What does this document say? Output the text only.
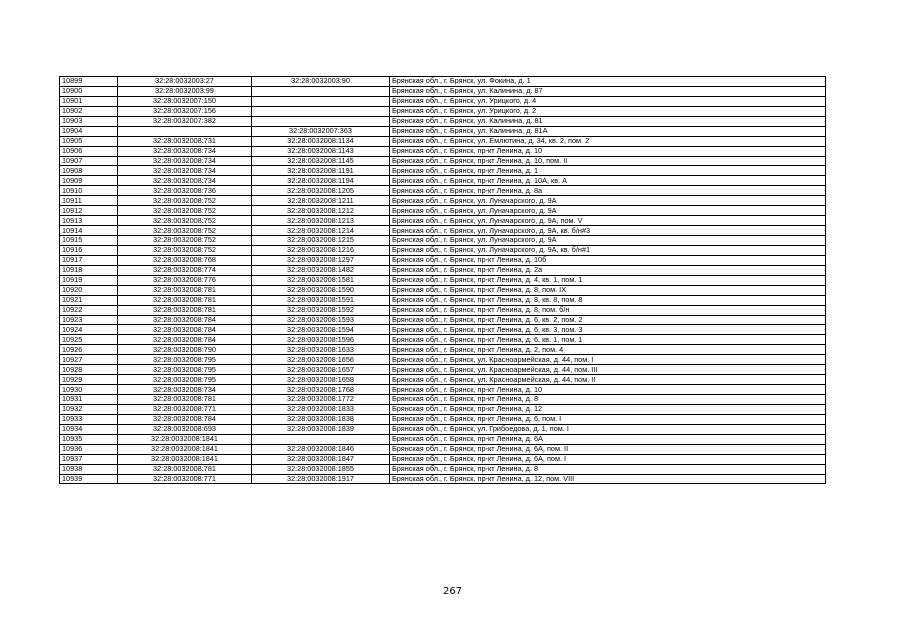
10899	32:28:0032003:27	32:28:0032003:90	Брянская обл., г. Брянск, ул. Фокина, д. 1
10900	32:28:0032003:99		Брянская обл., г. Брянск, ул. Калинина, д. 87
10901	32:28:0032007:150		Брянская обл., г. Брянск, ул. Урицкого, д. 4
10902	32:28:0032007:156		Брянская обл., г. Брянск, ул. Урицкого, д. 2
10903	32:28:0032007:382		Брянская обл., г. Брянск, ул. Калинина, д. 81
10904		32:28:0032007:363	Брянская обл., г. Брянск, ул. Калинина, д. 81А
10905	32:28:0032008:731	32:28:0032008:1134	Брянская обл., г. Брянск, ул. Емлютина, д. 34, кв. 2, пом. 2
10906	32:28:0032008:734	32:28:0032008:1143	Брянская обл., г. Брянск, пр-кт Ленина, д. 10
10907	32:28:0032008:734	32:28:0032008:1145	Брянская обл., г. Брянск, пр-кт Ленина, д. 10, пом. II
10908	32:28:0032008:734	32:28:0032008:1191	Брянская обл., г. Брянск, пр-кт Ленина, д. 1
10909	32:28:0032008:734	32:28:0032008:1194	Брянская обл., г. Брянск, пр-кт Ленина, д. 10А, кв. А
10910	32:28:0032008:736	32:28:0032008:1205	Брянская обл., г. Брянск, пр-кт Ленина, д. 8а
10911	32:28:0032008:752	32:28:0032008:1211	Брянская обл., г. Брянск, ул. Луначарского, д. 9А
10912	32:28:0032008:752	32:28:0032008:1212	Брянская обл., г. Брянск, ул. Луначарского, д. 9А
10913	32:28:0032008:752	32:28:0032008:1213	Брянская обл., г. Брянск, ул. Луначарского, д. 9А, пом. V
10914	32:28:0032008:752	32:28:0032008:1214	Брянская обл., г. Брянск, ул. Луначарского, д. 9А, кв. б/н#3
10915	32:28:0032008:752	32:28:0032008:1215	Брянская обл., г. Брянск, ул. Луначарского, д. 9А
10916	32:28:0032008:752	32:28:0032008:1216	Брянская обл., г. Брянск, ул. Луначарского, д. 9А, кв. б/н#1
10917	32:28:0032008:768	32:28:0032008:1297	Брянская обл., г. Брянск, пр-кт Ленина, д. 10б
10918	32:28:0032008:774	32:28:0032008:1482	Брянская обл., г. Брянск, пр-кт Ленина, д. 2а
10919	32:28:0032008:776	32:28:0032008:1581	Брянская обл., г. Брянск, пр-кт Ленина, д. 4, кв. 1, пом. 1
10920	32:28:0032008:781	32:28:0032008:1590	Брянская обл., г. Брянск, пр-кт Ленина, д. 8, пом. IX
10921	32:28:0032008:781	32:28:0032008:1591	Брянская обл., г. Брянск, пр-кт Ленина, д. 8, кв. 8, пом. 8
10922	32:28:0032008:781	32:28:0032008:1592	Брянская обл., г. Брянск, пр-кт Ленина, д. 8, пом. б/н
10923	32:28:0032008:784	32:28:0032008:1593	Брянская обл., г. Брянск, пр-кт Ленина, д. 6, кв. 2, пом. 2
10924	32:28:0032008:784	32:28:0032008:1594	Брянская обл., г. Брянск, пр-кт Ленина, д. 6, кв. 3, пом. 3
10925	32:28:0032008:784	32:28:0032008:1596	Брянская обл., г. Брянск, пр-кт Ленина, д. 6, кв. 1, пом. 1
10926	32:28:0032008:790	32:28:0032008:1633	Брянская обл., г. Брянск, пр-кт Ленина, д. 2, пом. 4
10927	32:28:0032008:795	32:28:0032008:1656	Брянская обл., г. Брянск, ул. Красноармейская, д. 44, пом. I
10928	32:28:0032008:795	32:28:0032008:1657	Брянская обл., г. Брянск, ул. Красноармейская, д. 44, пом. III
10929	32:28:0032008:795	32:28:0032008:1658	Брянская обл., г. Брянск, ул. Красноармейская, д. 44, пом. II
10930	32:28:0032008:734	32:28:0032008:1768	Брянская обл., г. Брянск, пр-кт Ленина, д. 10
10931	32:28:0032008:781	32:28:0032008:1772	Брянская обл., г. Брянск, пр-кт Ленина, д. 8
10932	32:28:0032008:771	32:28:0032008:1833	Брянская обл., г. Брянск, пр-кт Ленина, д. 12
10933	32:28:0032008:784	32:28:0032008:1838	Брянская обл., г. Брянск, пр-кт Ленина, д. 6, пом. I
10934	32:28:0032008:693	32:28:0032008:1839	Брянская обл., г. Брянск, ул. Грибоедова, д. 1, пом. I
10935	32:28:0032008:1841		Брянская обл., г. Брянск, пр-кт Ленина, д. 6А
10936	32:28:0032008:1841	32:28:0032008:1846	Брянская обл., г. Брянск, пр-кт Ленина, д. 6А, пом. II
10937	32:28:0032008:1841	32:28:0032008:1847	Брянская обл., г. Брянск, пр-кт Ленина, д. 6А, пом. I
10938	32:28:0032008:781	32:28:0032008:1855	Брянская обл., г. Брянск, пр-кт Ленина, д. 8
10939	32:28:0032008:771	32:28:0032008:1917	Брянская обл., г. Брянск, пр-кт Ленина, д. 12, пом. VIII
267
